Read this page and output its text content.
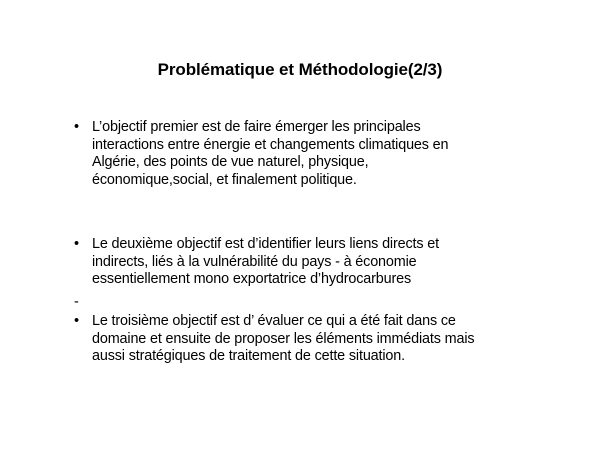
Problématique et Méthodologie(2/3)
• L’objectif premier est de faire émerger les principales
interactions entre énergie et changements climatiques en
Algérie, des points de vue naturel, physique,
économique,social, et finalement politique.
• Le deuxième objectif est d’identifier leurs liens directs et
indirects, liés à la vulnérabilité du pays - à économie
essentiellement mono exportatrice d’hydrocarbures
-
• Le troisième objectif est d’ évaluer ce qui a été fait dans ce
domaine et ensuite de proposer les éléments immédiats mais
aussi stratégiques de traitement de cette situation.
